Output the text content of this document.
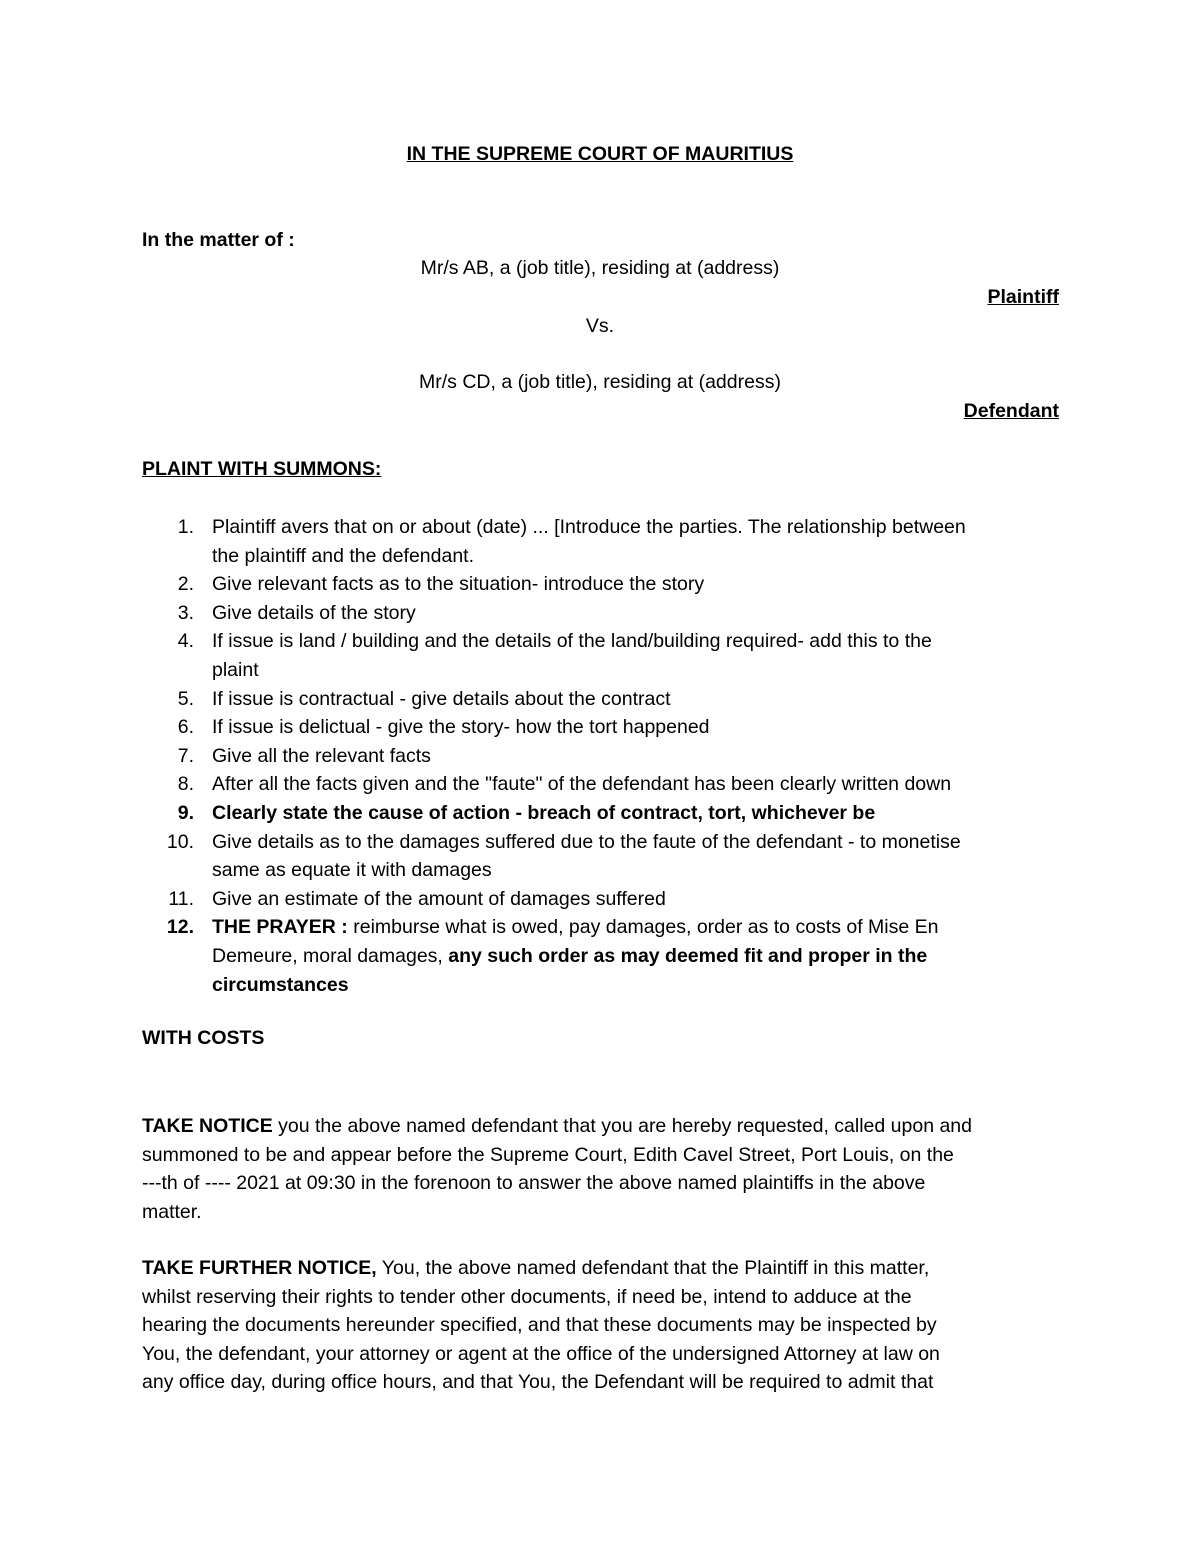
IN THE SUPREME COURT OF MAURITIUS
In the matter of :
Mr/s AB, a (job title), residing at (address)
Plaintiff
Vs.
Mr/s CD, a (job title), residing at (address)
Defendant
PLAINT WITH SUMMONS:
1. Plaintiff avers that on or about (date) ... [Introduce the parties. The relationship between
the plaintiff and the defendant.
2. Give relevant facts as to the situation- introduce the story
3. Give details of the story
4. If issue is land / building and the details of the land/building required- add this to the
plaint
5. If issue is contractual - give details about the contract
6. If issue is delictual - give the story- how the tort happened
7. Give all the relevant facts
8. After all the facts given and the "faute" of the defendant has been clearly written down
9. Clearly state the cause of action - breach of contract, tort, whichever be
10. Give details as to the damages suffered due to the faute of the defendant - to monetise
same as equate it with damages
11. Give an estimate of the amount of damages suffered
12. THE PRAYER : reimburse what is owed, pay damages, order as to costs of Mise En
Demeure, moral damages, any such order as may deemed fit and proper in the
circumstances
WITH COSTS
TAKE NOTICE you the above named defendant that you are hereby requested, called upon and
summoned to be and appear before the Supreme Court, Edith Cavel Street, Port Louis, on the
---th of ---- 2021 at 09:30 in the forenoon to answer the above named plaintiffs in the above
matter.
TAKE FURTHER NOTICE, You, the above named defendant that the Plaintiff in this matter,
whilst reserving their rights to tender other documents, if need be, intend to adduce at the
hearing the documents hereunder specified, and that these documents may be inspected by
You, the defendant, your attorney or agent at the office of the undersigned Attorney at law on
any office day, during office hours, and that You, the Defendant will be required to admit that
